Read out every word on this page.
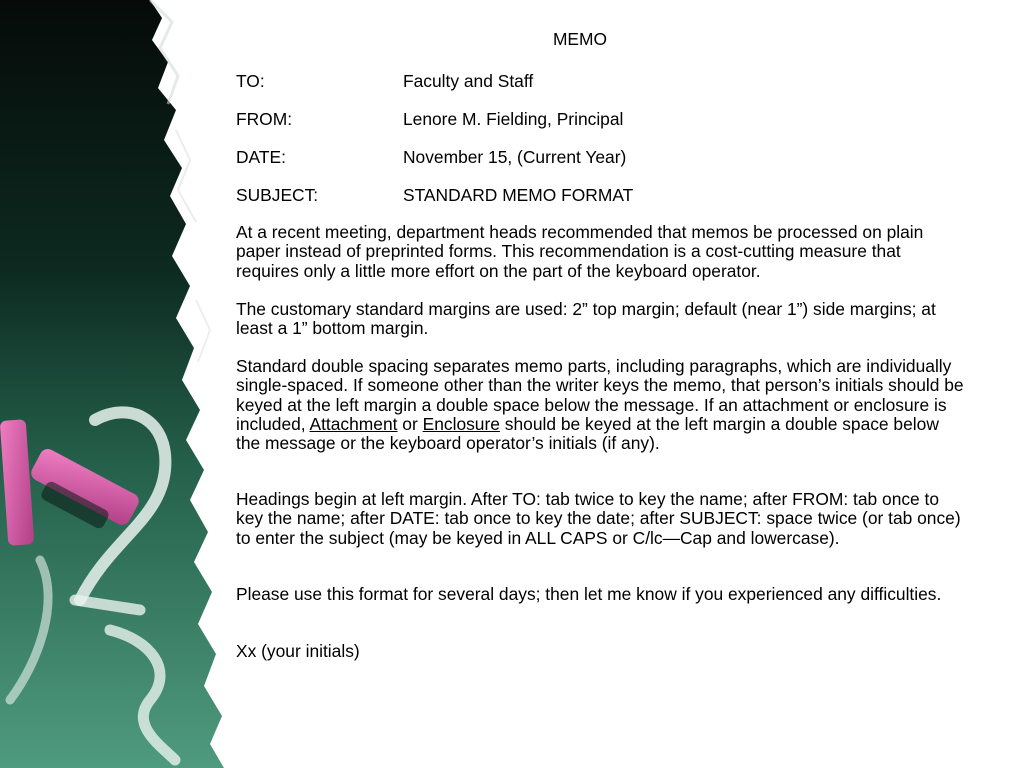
MEMO
TO:	Faculty and Staff
FROM:	Lenore M. Fielding, Principal
DATE:	November 15, (Current Year)
SUBJECT:	STANDARD MEMO FORMAT
At a recent meeting, department heads recommended that memos be processed on plain paper instead of preprinted forms. This recommendation is a cost-cutting measure that requires only a little more effort on the part of the keyboard operator.
The customary standard margins are used: 2” top margin; default (near 1”) side margins; at least a 1” bottom margin.
Standard double spacing separates memo parts, including paragraphs, which are individually single-spaced. If someone other than the writer keys the memo, that person’s initials should be keyed at the left margin a double space below the message. If an attachment or enclosure is included, Attachment or Enclosure should be keyed at the left margin a double space below the message or the keyboard operator’s initials (if any).
Headings begin at left margin. After TO: tab twice to key the name; after FROM: tab once to key the name; after DATE: tab once to key the date; after SUBJECT: space twice (or tab once) to enter the subject (may be keyed in ALL CAPS or C/lc—Cap and lowercase).
Please use this format for several days; then let me know if you experienced any difficulties.
Xx (your initials)
